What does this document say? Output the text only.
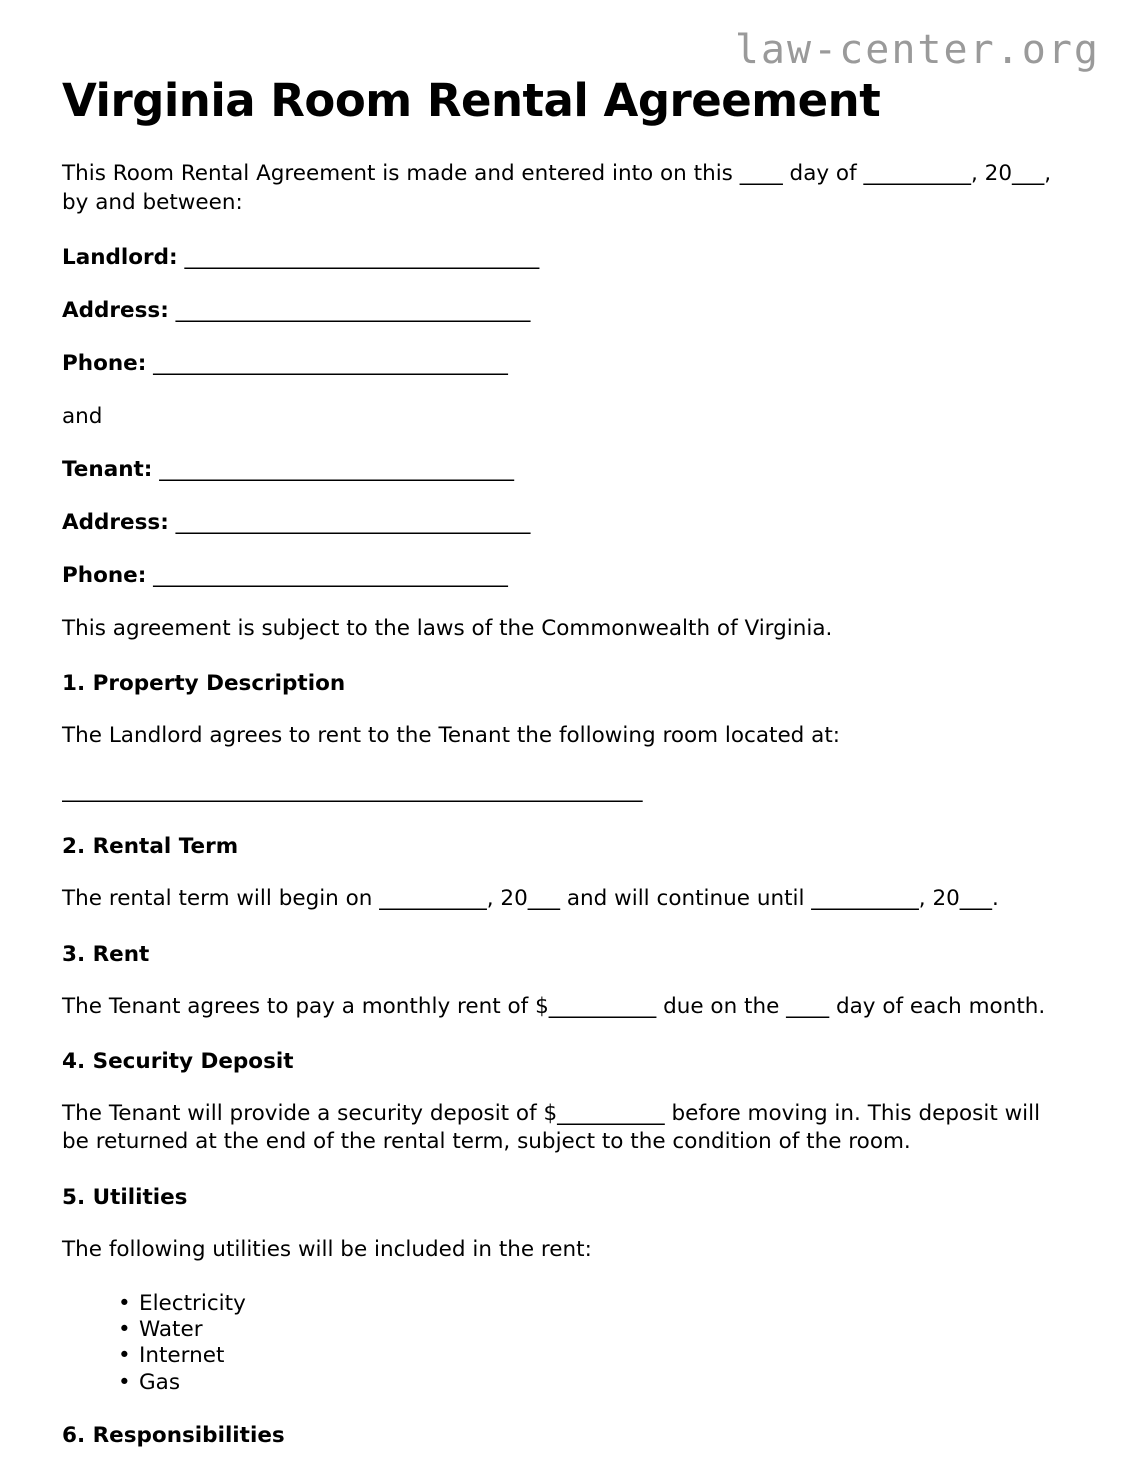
law-center.org
Virginia Room Rental Agreement

This Room Rental Agreement is made and entered into on this ____ day of __________, 20___, by and between:

Landlord: _________________________________
Address: _________________________________
Phone: _________________________________

and

Tenant: _________________________________
Address: _________________________________
Phone: _________________________________

This agreement is subject to the laws of the Commonwealth of Virginia.

1. Property Description

The Landlord agrees to rent to the Tenant the following room located at:

______________________________________________________
2. Rental Term

The rental term will begin on __________, 20___ and will continue until __________, 20___.

3. Rent

The Tenant agrees to pay a monthly rent of $__________ due on the ____ day of each month.

4. Security Deposit

The Tenant will provide a security deposit of $__________ before moving in. This deposit will be returned at the end of the rental term, subject to the condition of the room.

5. Utilities

The following utilities will be included in the rent:

• Electricity
• Water
• Internet
• Gas
6. Responsibilities
